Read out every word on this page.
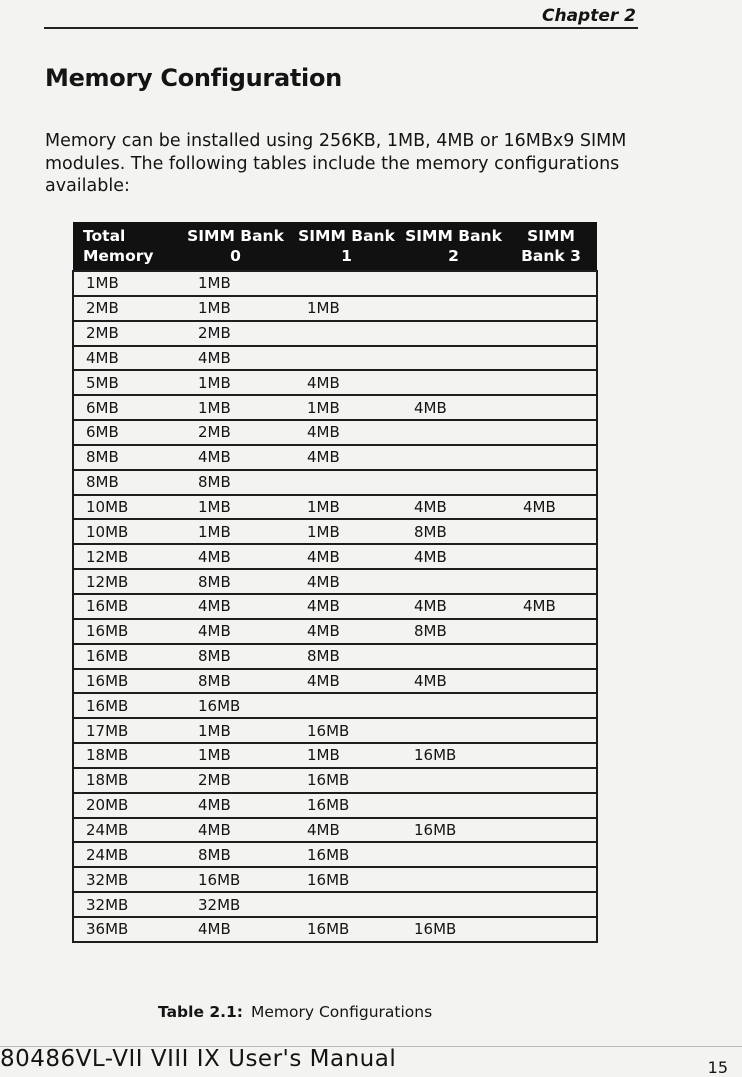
Chapter 2
Memory Configuration

Memory can be installed using 256KB, 1MB, 4MB or 16MBx9 SIMM modules. The following tables include the memory configurations available:

Total Memory	SIMM Bank 0	SIMM Bank 1	SIMM Bank 2	SIMM Bank 3
1MB	1MB			
2MB	1MB	1MB		
2MB	2MB			
4MB	4MB			
5MB	1MB	4MB		
6MB	1MB	1MB	4MB	
6MB	2MB	4MB		
8MB	4MB	4MB		
8MB	8MB			
10MB	1MB	1MB	4MB	4MB
10MB	1MB	1MB	8MB	
12MB	4MB	4MB	4MB	
12MB	8MB	4MB		
16MB	4MB	4MB	4MB	4MB
16MB	4MB	4MB	8MB	
16MB	8MB	8MB		
16MB	8MB	4MB	4MB	
16MB	16MB			
17MB	1MB	16MB		
18MB	1MB	1MB	16MB	
18MB	2MB	16MB		
20MB	4MB	16MB		
24MB	4MB	4MB	16MB	
24MB	8MB	16MB		
32MB	16MB	16MB		
32MB	32MB			
36MB	4MB	16MB	16MB	
Table 2.1: Memory Configurations
80486VL-VII VIII IX User's Manual	15
